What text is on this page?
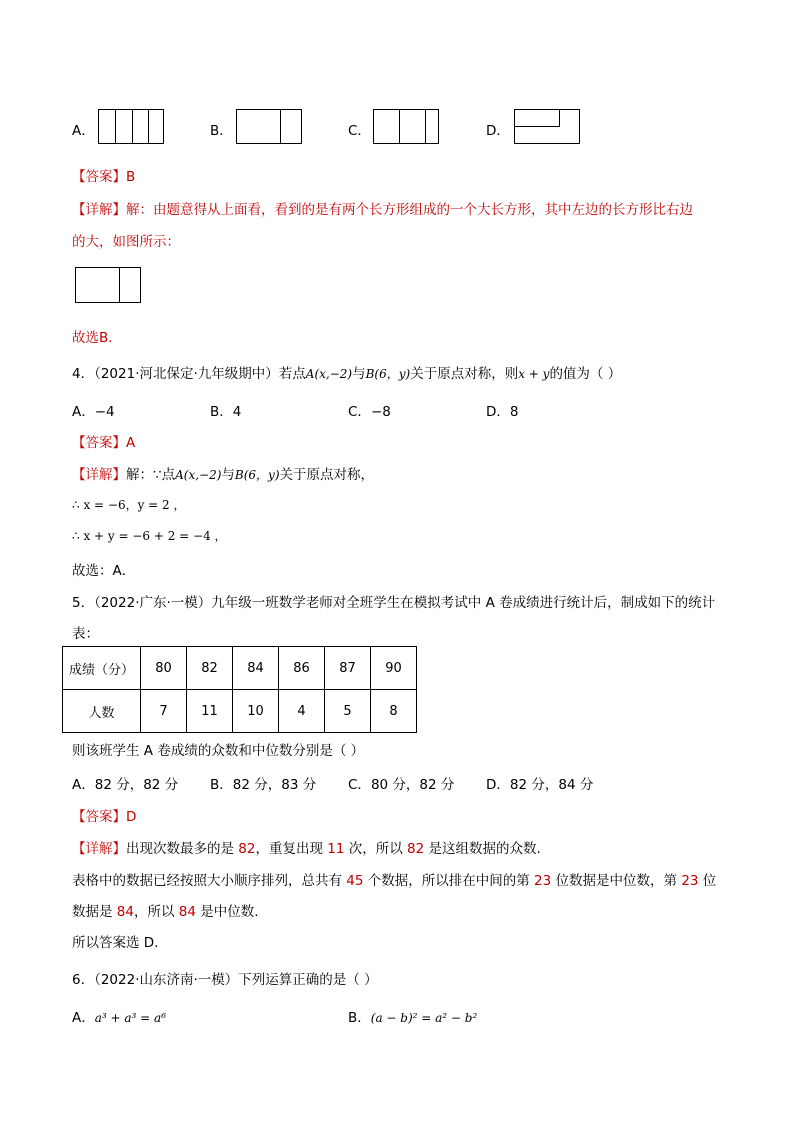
A．	B．	C．	D．
【答案】B
【详解】解：由题意得从上面看，看到的是有两个长方形组成的一个大长方形，其中左边的长方形比右边
的大，如图所示：
故选B．
4．（2021·河北保定·九年级期中）若点A(x,−2)与B(6，y)关于原点对称，则x + y的值为（ ）
A．−4	B．4	C．−8	D．8
【答案】A
【详解】解：∵点A(x,−2)与B(6，y)关于原点对称，
∴ x = −6，y = 2 ，
∴ x + y = −6 + 2 = −4 ，
故选：A．
5．（2022·广东·一模）九年级一班数学老师对全班学生在模拟考试中 A 卷成绩进行统计后，制成如下的统计
表：
成绩（分）	80	82	84	86	87	90
人数	7	11	10	4	5	8
则该班学生 A 卷成绩的众数和中位数分别是（ ）
A．82 分，82 分 B．82 分，83 分 C．80 分，82 分 D．82 分，84 分
【答案】D
【详解】出现次数最多的是 82，重复出现 11 次，所以 82 是这组数据的众数.
表格中的数据已经按照大小顺序排列，总共有 45 个数据，所以排在中间的第 23 位数据是中位数，第 23 位
数据是 84，所以 84 是中位数.
所以答案选 D.
6．（2022·山东济南·一模）下列运算正确的是（ ）
A．a³ + a³ = a⁶	B．(a − b)² = a² − b²
